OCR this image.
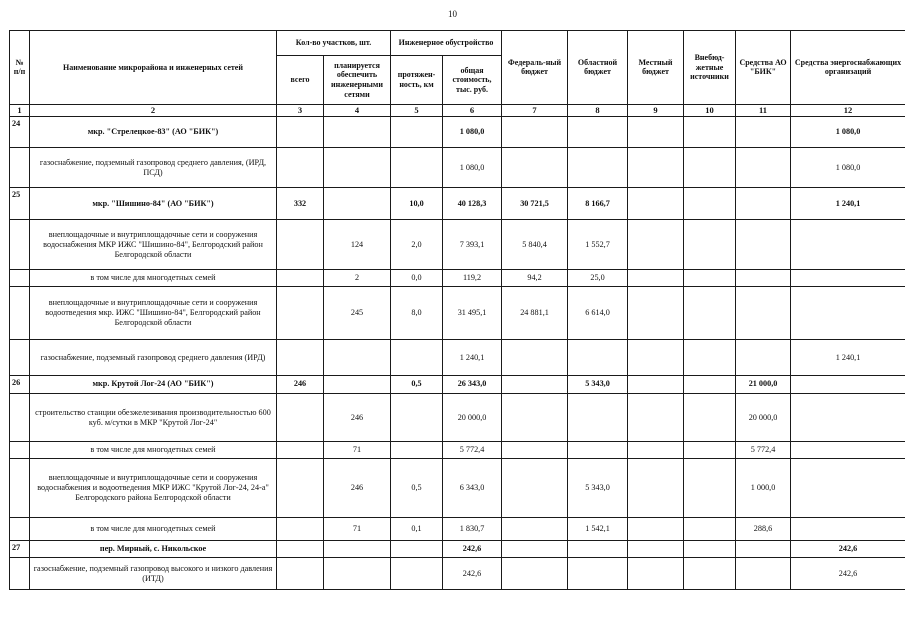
10
№ п/п	Наименование микрорайона и инженерных сетей	Кол-во участков, шт.		Инженерное обустройство		Федераль-ный бюджет	Областной бюджет	Местный бюджет	Внебюд-жетные источники	Средства АО "БИК"	Средства энергоснабжающих организаций
		всего	планируется обеспечить инженерными сетями	протяжен-ность, км	общая стоимость, тыс. руб.						
1	2	3	4	5	6	7	8	9	10	11	12
24	мкр. "Стрелецкое-83" (АО "БИК")				1 080,0						1 080,0
	газоснабжение, подземный газопровод среднего давления, (ИРД, ПСД)				1 080,0						1 080,0
25	мкр. "Шишино-84" (АО "БИК")	332		10,0	40 128,3	30 721,5	8 166,7				1 240,1
	внеплощадочные и внутриплощадочные сети и сооружения водоснабжения МКР ИЖС "Шишино-84", Белгородский район Белгородской области		124	2,0	7 393,1	5 840,4	1 552,7				
	в том числе для многодетных семей		2	0,0	119,2	94,2	25,0				
	внеплощадочные и внутриплощадочные сети и сооружения водоотведения мкр. ИЖС "Шишино-84", Белгородский район Белгородской области		245	8,0	31 495,1	24 881,1	6 614,0				
	газоснабжение, подземный газопровод среднего давления (ИРД)				1 240,1						1 240,1
26	мкр. Крутой Лог-24 (АО "БИК")	246		0,5	26 343,0		5 343,0			21 000,0	
	строительство станции обезжелезивания производительностью 600 куб. м/сутки в МКР "Крутой Лог-24"		246		20 000,0					20 000,0	
	в том числе для многодетных семей		71		5 772,4					5 772,4	
	внеплощадочные и внутриплощадочные сети и сооружения водоснабжения и водоотведения МКР ИЖС "Крутой Лог-24, 24-а" Белгородского района Белгородской области		246	0,5	6 343,0		5 343,0			1 000,0	
	в том числе для многодетных семей		71	0,1	1 830,7		1 542,1			288,6	
27	пер. Мирный, с. Никольское				242,6						242,6
	газоснабжение, подземный газопровод высокого и низкого давления (ИТД)				242,6						242,6
